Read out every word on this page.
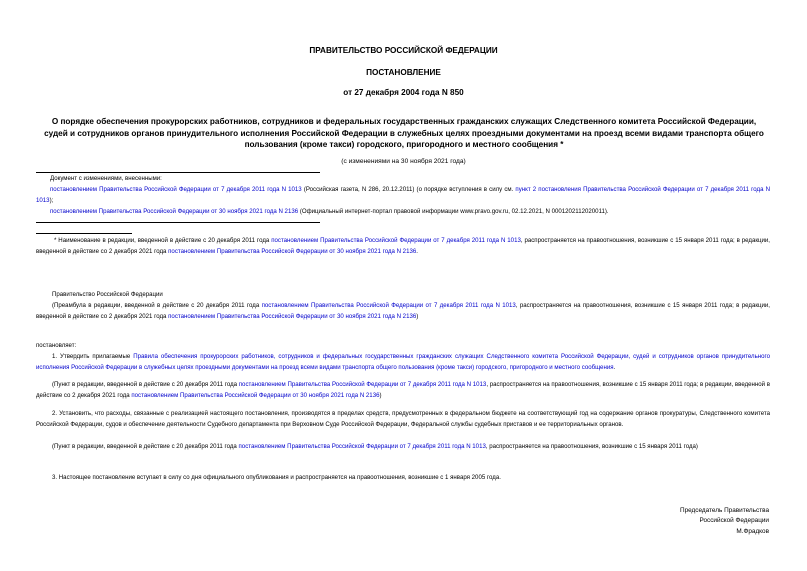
ПРАВИТЕЛЬСТВО РОССИЙСКОЙ ФЕДЕРАЦИИ
ПОСТАНОВЛЕНИЕ
от 27 декабря 2004 года N 850
О порядке обеспечения прокурорских работников, сотрудников и федеральных государственных гражданских служащих Следственного комитета Российской Федерации, судей и сотрудников органов принудительного исполнения Российской Федерации в служебных целях проездными документами на проезд всеми видами транспорта общего пользования (кроме такси) городского, пригородного и местного сообщения *
(с изменениями на 30 ноября 2021 года)
Документ с изменениями, внесенными:
постановлением Правительства Российской Федерации от 7 декабря 2011 года N 1013 (Российская газета, N 286, 20.12.2011) (о порядке вступления в силу см. пункт 2 постановления Правительства Российской Федерации от 7 декабря 2011 года N 1013);
постановлением Правительства Российской Федерации от 30 ноября 2021 года N 2136 (Официальный интернет-портал правовой информации www.pravo.gov.ru, 02.12.2021, N 0001202112020011).
* Наименование в редакции, введенной в действие с 20 декабря 2011 года постановлением Правительства Российской Федерации от 7 декабря 2011 года N 1013, распространяется на правоотношения, возникшие с 15 января 2011 года; в редакции, введенной в действие со 2 декабря 2021 года постановлением Правительства Российской Федерации от 30 ноября 2021 года N 2136.
Правительство Российской Федерации
(Преамбула в редакции, введенной в действие с 20 декабря 2011 года постановлением Правительства Российской Федерации от 7 декабря 2011 года N 1013, распространяется на правоотношения, возникшие с 15 января 2011 года; в редакции, введенной в действие со 2 декабря 2021 года постановлением Правительства Российской Федерации от 30 ноября 2021 года N 2136)
постановляет:
1. Утвердить прилагаемые Правила обеспечения прокурорских работников, сотрудников и федеральных государственных гражданских служащих Следственного комитета Российской Федерации, судей и сотрудников органов принудительного исполнения Российской Федерации в служебных целях проездными документами на проезд всеми видами транспорта общего пользования (кроме такси) городского, пригородного и местного сообщения.
(Пункт в редакции, введенной в действие с 20 декабря 2011 года постановлением Правительства Российской Федерации от 7 декабря 2011 года N 1013, распространяется на правоотношения, возникшие с 15 января 2011 года; в редакции, введенной в действие со 2 декабря 2021 года постановлением Правительства Российской Федерации от 30 ноября 2021 года N 2136)
2. Установить, что расходы, связанные с реализацией настоящего постановления, производятся в пределах средств, предусмотренных в федеральном бюджете на соответствующий год на содержание органов прокуратуры, Следственного комитета Российской Федерации, судов и обеспечение деятельности Судебного департамента при Верховном Суде Российской Федерации, Федеральной службы судебных приставов и ее территориальных органов.
(Пункт в редакции, введенной в действие с 20 декабря 2011 года постановлением Правительства Российской Федерации от 7 декабря 2011 года N 1013, распространяется на правоотношения, возникшие с 15 января 2011 года)
3. Настоящее постановление вступает в силу со дня официального опубликования и распространяется на правоотношения, возникшие с 1 января 2005 года.
Председатель Правительства
Российской Федерации
М.Фрадков
